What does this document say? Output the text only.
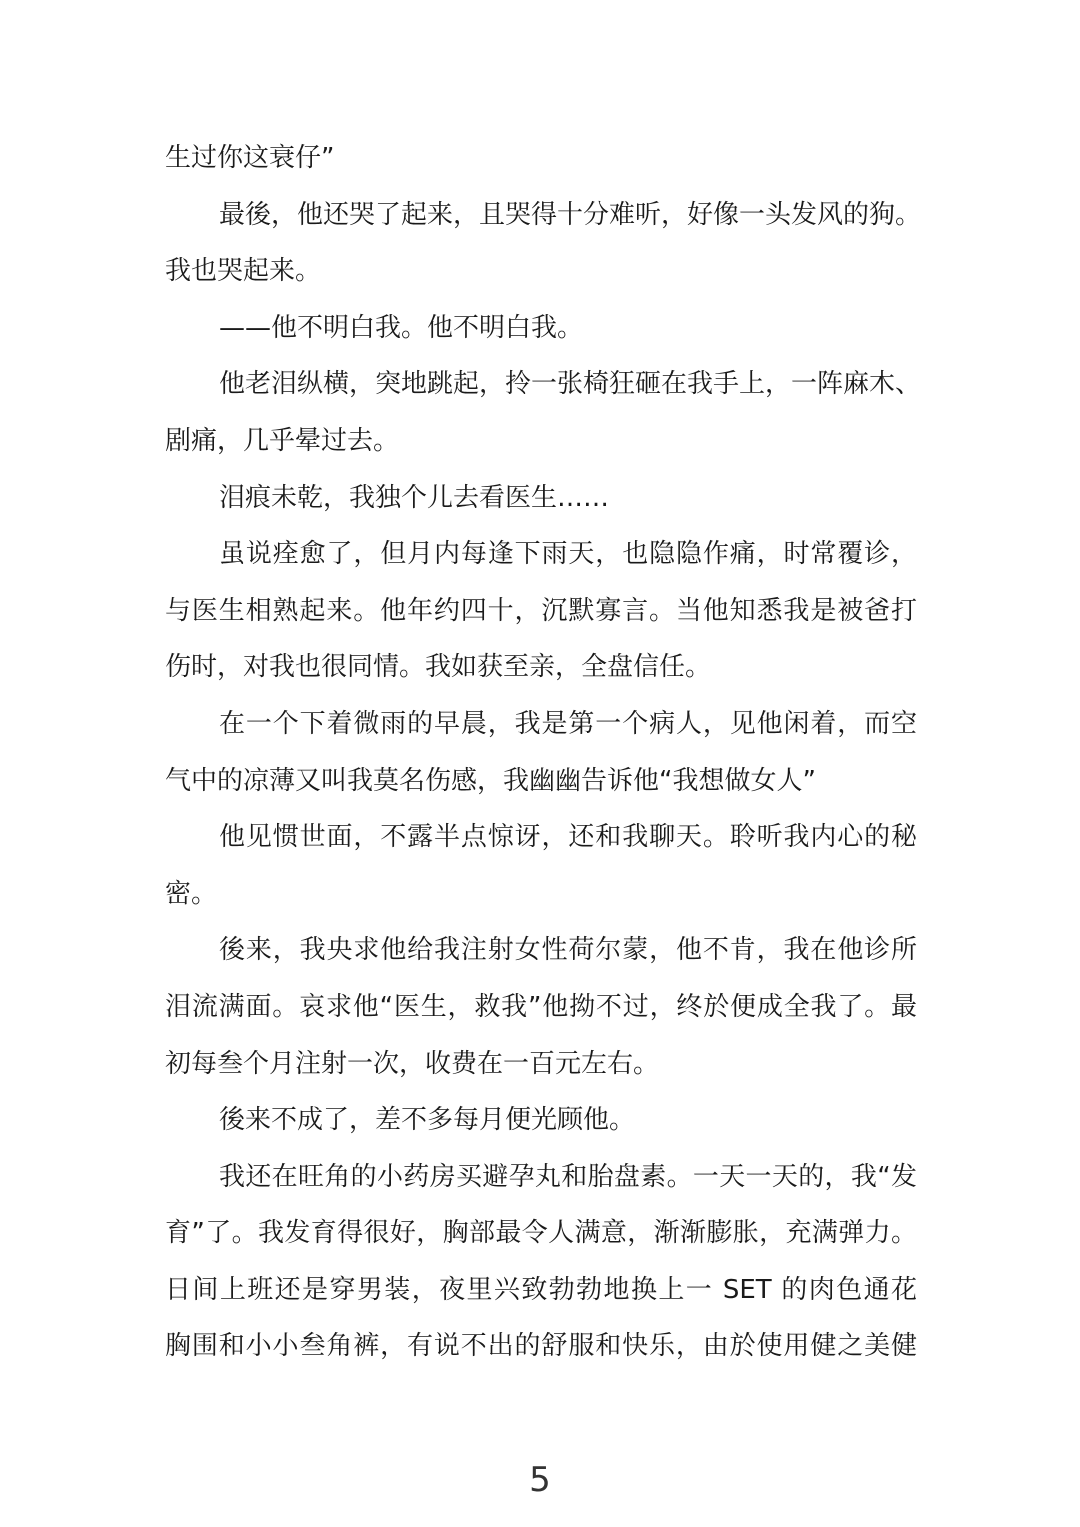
生过你这衰仔”
最後，他还哭了起来，且哭得十分难听，好像一头发风的狗。
我也哭起来。
——他不明白我。他不明白我。
他老泪纵横，突地跳起，拎一张椅狂砸在我手上，一阵麻木、
剧痛，几乎晕过去。
泪痕未乾，我独个儿去看医生……
虽说痊愈了，但月内每逢下雨天，也隐隐作痛，时常覆诊，
与医生相熟起来。他年约四十，沉默寡言。当他知悉我是被爸打
伤时，对我也很同情。我如获至亲，全盘信任。
在一个下着微雨的早晨，我是第一个病人，见他闲着，而空
气中的凉薄又叫我莫名伤感，我幽幽告诉他“我想做女人”
他见惯世面，不露半点惊讶，还和我聊天。聆听我内心的秘
密。
後来，我央求他给我注射女性荷尔蒙，他不肯，我在他诊所
泪流满面。哀求他“医生，救我”他拗不过，终於便成全我了。最
初每叁个月注射一次，收费在一百元左右。
後来不成了，差不多每月便光顾他。
我还在旺角的小药房买避孕丸和胎盘素。一天一天的，我“发
育”了。我发育得很好，胸部最令人满意，渐渐膨胀，充满弹力。
日间上班还是穿男装，夜里兴致勃勃地换上一 SET 的肉色通花
胸围和小小叁角裤，有说不出的舒服和快乐，由於使用健之美健
5
